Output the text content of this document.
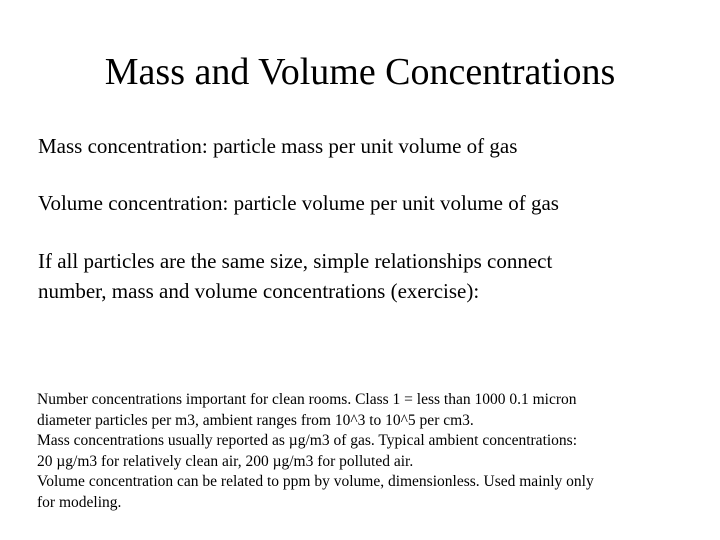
Mass and Volume Concentrations
Mass concentration: particle mass per unit volume of gas
Volume concentration: particle volume per unit volume of gas
If all particles are the same size, simple relationships connect
number, mass and volume concentrations (exercise):
Number concentrations important for clean rooms. Class 1 = less than 1000 0.1 micron
diameter particles per m3, ambient ranges from 10^3 to 10^5 per cm3.
Mass concentrations usually reported as µg/m3 of gas. Typical ambient concentrations:
20 µg/m3 for relatively clean air, 200 µg/m3 for polluted air.
Volume concentration can be related to ppm by volume, dimensionless. Used mainly only
for modeling.
